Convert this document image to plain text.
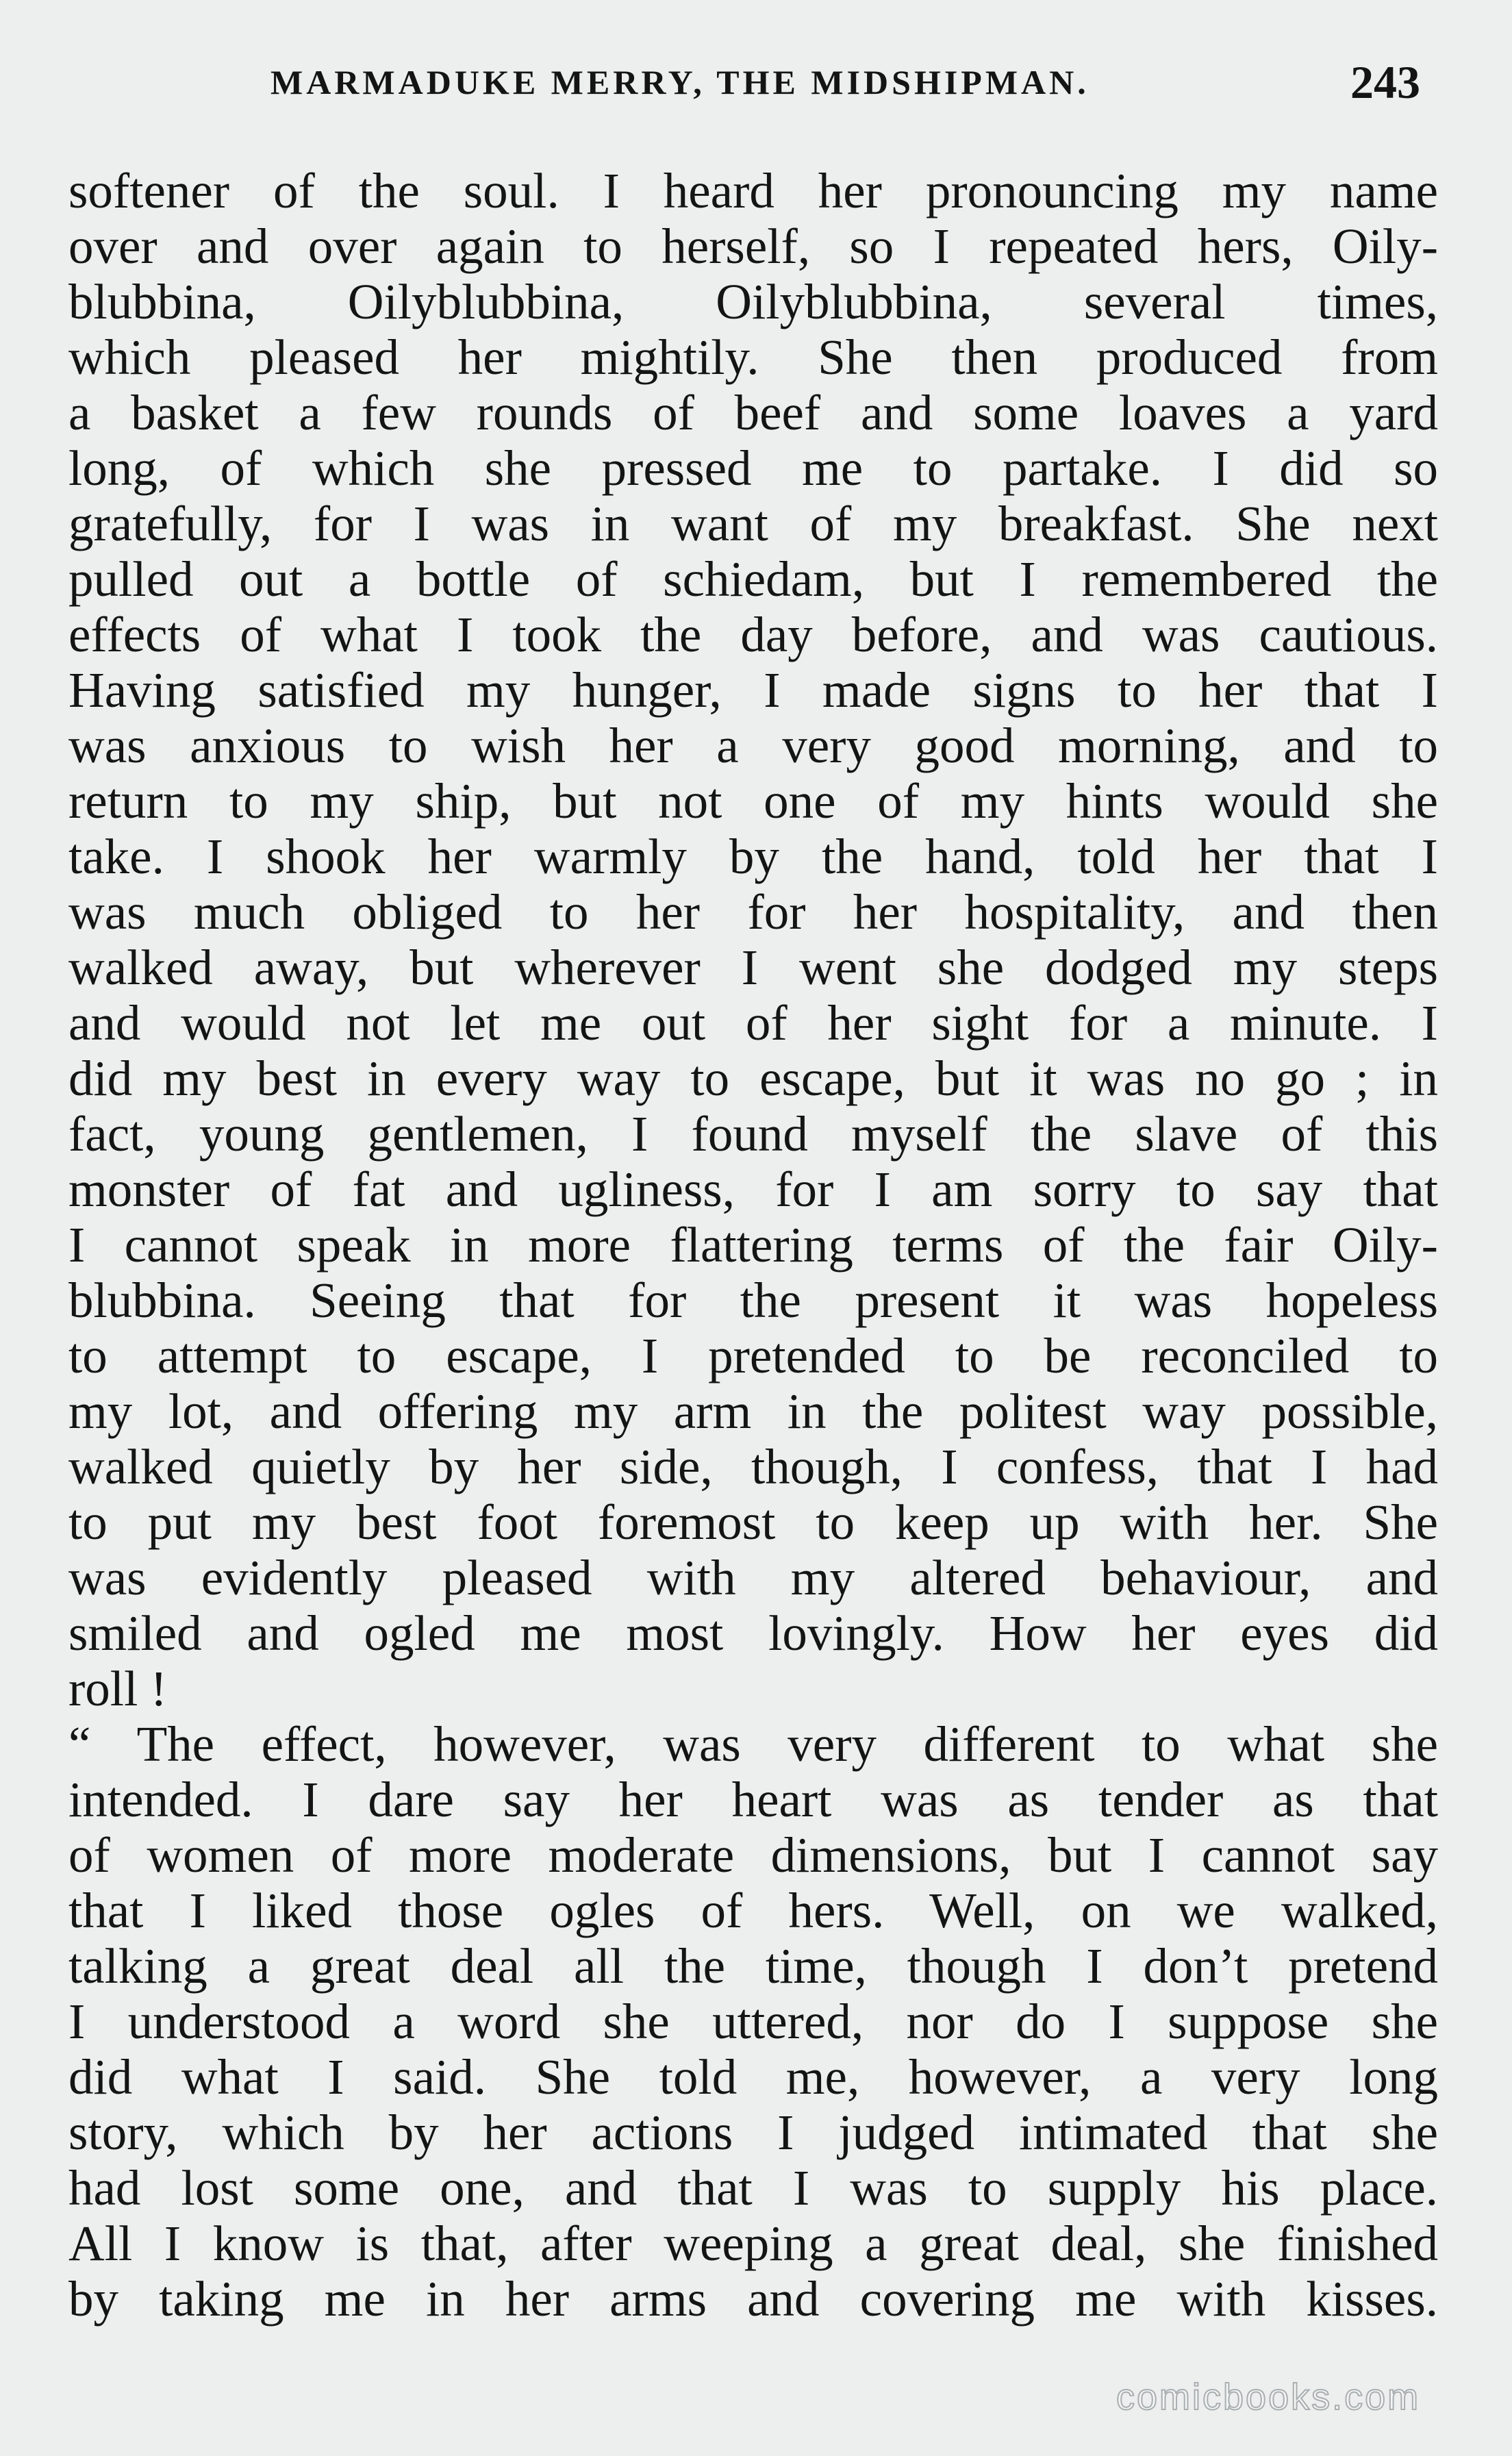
MARMADUKE MERRY, THE MIDSHIPMAN.	243
softener of the soul. I heard her pronouncing my name
over and over again to herself, so I repeated hers, Oily-
blubbina, Oilyblubbina, Oilyblubbina, several times,
which pleased her mightily. She then produced from
a basket a few rounds of beef and some loaves a yard
long, of which she pressed me to partake. I did so
gratefully, for I was in want of my breakfast. She next
pulled out a bottle of schiedam, but I remembered the
effects of what I took the day before, and was cautious.
Having satisfied my hunger, I made signs to her that I
was anxious to wish her a very good morning, and to
return to my ship, but not one of my hints would she
take. I shook her warmly by the hand, told her that I
was much obliged to her for her hospitality, and then
walked away, but wherever I went she dodged my steps
and would not let me out of her sight for a minute. I
did my best in every way to escape, but it was no go ; in
fact, young gentlemen, I found myself the slave of this
monster of fat and ugliness, for I am sorry to say that
I cannot speak in more flattering terms of the fair Oily-
blubbina. Seeing that for the present it was hopeless
to attempt to escape, I pretended to be reconciled to
my lot, and offering my arm in the politest way possible,
walked quietly by her side, though, I confess, that I had
to put my best foot foremost to keep up with her. She
was evidently pleased with my altered behaviour, and
smiled and ogled me most lovingly. How her eyes did
roll !
“ The effect, however, was very different to what she
intended. I dare say her heart was as tender as that
of women of more moderate dimensions, but I cannot say
that I liked those ogles of hers. Well, on we walked,
talking a great deal all the time, though I don’t pretend
I understood a word she uttered, nor do I suppose she
did what I said. She told me, however, a very long
story, which by her actions I judged intimated that she
had lost some one, and that I was to supply his place.
All I know is that, after weeping a great deal, she finished
by taking me in her arms and covering me with kisses.
comicbooks.com
